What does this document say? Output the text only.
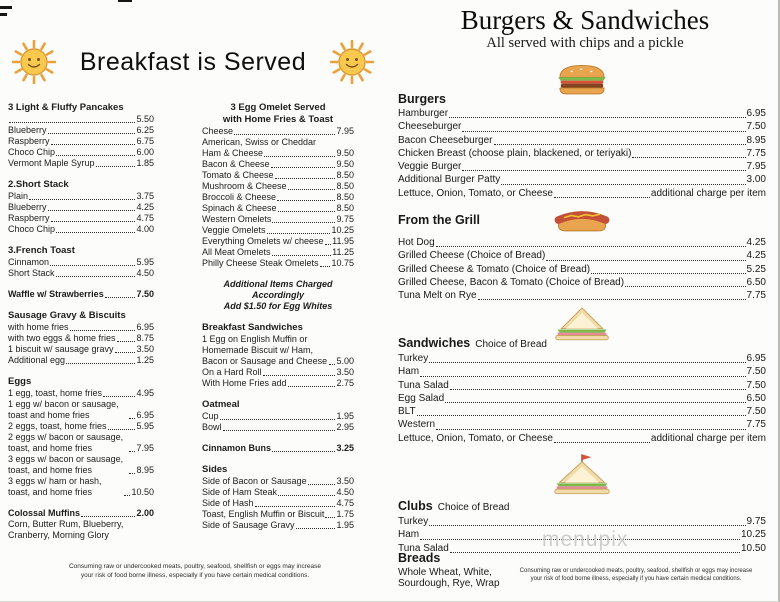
Breakfast is Served
3 Light & Fluffy Pancakes
5.50
Blueberry	6.25
Raspberry	6.75
Choco Chip	6.00
Vermont Maple Syrup	1.85
2.Short Stack
Plain	3.75
Blueberry	4.25
Raspberry	4.75
Choco Chip	4.00
3.French Toast
Cinnamon	5.95
Short Stack	4.50
Waffle w/ Strawberries	7.50
Sausage Gravy & Biscuits
with home fries	6.95
with two eggs & home fries 8.75
1 biscuit w/ sausage gravy	3.50
Additional egg	1.25
Eggs
1 egg, toast, home fries	4.95
1 egg w/ bacon or sausage, toast and home fries	6.95
2 eggs, toast, home fries	5.95
2 eggs w/ bacon or sausage, toast, and home fries	7.95
3 eggs w/ bacon or sausage, toast, and home fries	8.95
3 eggs w/ ham or hash, toast, and home fries	10.50
Colossal Muffins	2.00
Corn, Butter Rum, Blueberry, Cranberry, Morning Glory
3 Egg Omelet Served
with Home Fries & Toast
Cheese	7.95
American, Swiss or Cheddar
Ham & Cheese	9.50
Bacon & Cheese	9.50
Tomato & Cheese	8.50
Mushroom & Cheese	8.50
Broccoli & Cheese	8.50
Spinach & Cheese	8.50
Western Omelets	9.75
Veggie Omelets	10.25
Everything Omelets w/ cheese 11.95
All Meat Omelets	11.25
Philly Cheese Steak Omelets 10.75
Additional Items Charged Accordingly
Add $1.50 for Egg Whites
Breakfast Sandwiches
1 Egg on English Muffin or Homemade Biscuit w/ Ham, Bacon or Sausage and Cheese 5.00
On a Hard Roll	3.50
With Home Fries add	2.75
Oatmeal
Cup	1.95
Bowl	2.95
Cinnamon Buns	3.25
Sides
Side of Bacon or Sausage	3.50
Side of Ham Steak	4.50
Side of Hash	4.75
Toast, English Muffin or Biscuit 1.75
Side of Sausage Gravy	1.95
Consuming raw or undercooked meats, poultry, seafood, shellfish or eggs may increase
your risk of food borne illness, especially if you have certain medical conditions.
Burgers & Sandwiches
All served with chips and a pickle
Burgers
Hamburger	6.95
Cheeseburger	7.50
Bacon Cheeseburger	8.95
Chicken Breast (choose plain, blackened, or teriyaki)	7.75
Veggie Burger	7.95
Additional Burger Patty	3.00
Lettuce, Onion, Tomato, or Cheese	additional charge per item
From the Grill
Hot Dog	4.25
Grilled Cheese (Choice of Bread)	4.25
Grilled Cheese & Tomato (Choice of Bread)	5.25
Grilled Cheese, Bacon & Tomato (Choice of Bread)	6.50
Tuna Melt on Rye	7.75
Sandwiches Choice of Bread
Turkey	6.95
Ham	7.50
Tuna Salad	7.50
Egg Salad	6.50
BLT	7.50
Western	7.75
Lettuce, Onion, Tomato, or Cheese	additional charge per item
Clubs Choice of Bread
Turkey	9.75
Ham	10.25
Tuna Salad	10.50
Breads
Whole Wheat, White,
Sourdough, Rye, Wrap
menupix
Consuming raw or undercooked meats, poultry, seafood, shellfish or eggs may increase
your risk of food borne illness, especially if you have certain medical conditions.
